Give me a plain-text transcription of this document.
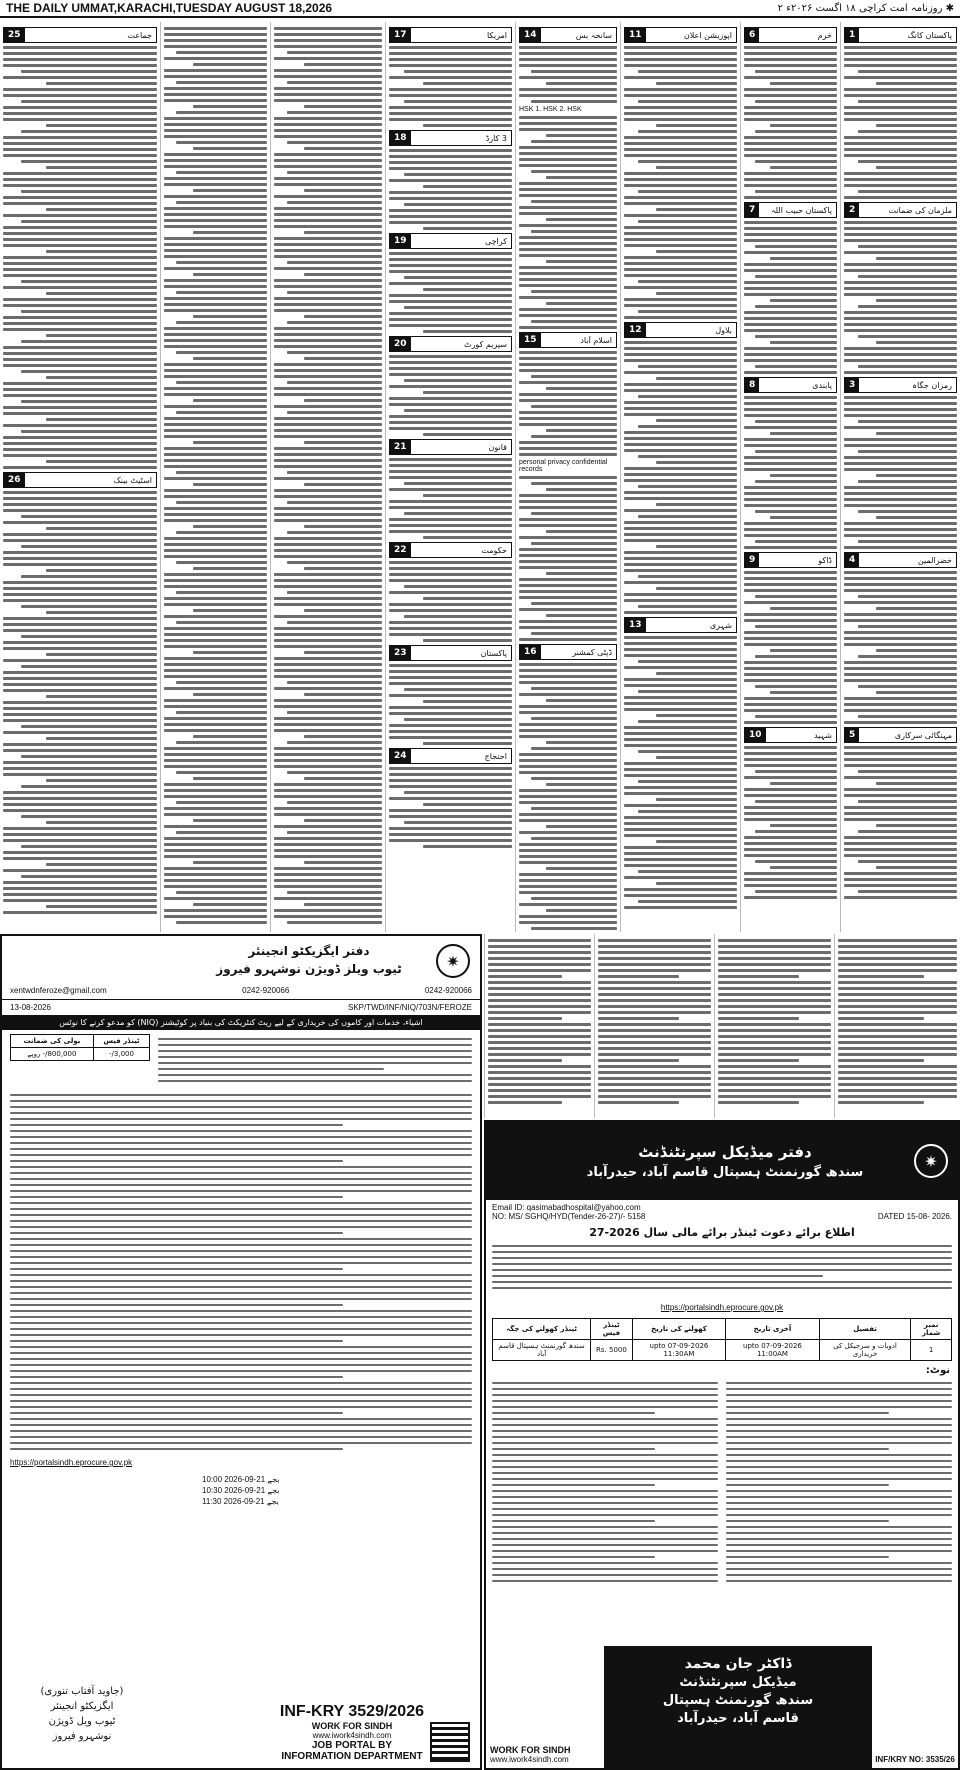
THE DAILY UMMAT,KARACHI,TUESDAY AUGUST 18,2026	✱ روزنامہ امت کراچی ۱۸ اگست ۲۰۲۶ء ۲
پاکستان کانگ
1
ملزمان کی ضمانت
2
رمزان جگاہ
3
خضرالمین
4
مہنگائی سرکاری
5
خرم
6
پاکستان حبیب اللہ
7
پابندی
8
ڈاکو
9
شہید
10
اپوزیشن اعلان
11
بلاول
12
شہری
13
سانحہ بس
14
HSK 1. HSK 2. HSK
اسلام آباد
15
personal privacy confidential records
ڈپٹی کمشنر
16
امریکا
17
3 کارڈ
18
کراچی
19
سپریم کورٹ
20
قانون
21
حکومت
22
پاکستان
23
احتجاج
24
جماعت
25
اسٹیٹ بینک
26
دفتر ایگزیکٹو انجینئر
ٹیوب ویلز ڈویژن نوشہرو فیروز	✷
xentwdnferoze@gmail.com	0242-920066	0242-920066
13-08-2026	SKP/TWD/INF/NIQ/703N/FEROZE
اشیاء، خدمات اور کاموں کی خریداری کے لیے ریٹ کنٹریکٹ کی بنیاد پر کوٹیشنز (NIQ) کو مدعو کرنے کا نوٹس
ٹینڈر فیس	بولی کی ضمانت
3,000/-	800,000/- روپے
https://portalsindh.eprocure.gov.pk
10:00 بجے 21-09-2026
10:30 بجے 21-09-2026
11:30 بجے 21-09-2026
(جاوید آفتاب تنوری)
ایگزیکٹو انجینئر
ٹیوب ویل ڈویژن
نوشہرو فیروز
INF-KRY 3529/2026
WORK FOR SINDH
www.iwork4sindh.com
JOB PORTAL BY
INFORMATION DEPARTMENT
دفتر میڈیکل سپرنٹنڈنٹ
سندھ گورنمنٹ ہسپتال قاسم آباد، حیدرآباد
✷
Email ID: qasimabadhospital@yahoo.com
NO: MS/ SGHQ/HYD(Tender-26-27)/- 5158	DATED 15-08- 2026.
اطلاع برائے دعوت ٹینڈر برائے مالی سال 2026-27
https://portalsindh.eprocure.gov.pk
نمبر شمار	تفصیل	آخری تاریخ	کھولنے کی تاریخ	ٹینڈر فیس	ٹینڈر کھولنے کی جگہ
1	ادویات و سرجیکل کی خریداری	07-09-2026 upto 11:00AM	07-09-2026 upto 11:30AM	Rs. 5000	سندھ گورنمنٹ ہسپتال قاسم آباد
نوٹ:
WORK FOR SINDH
www.iwork4sindh.com
ڈاکٹر جان محمد
میڈیکل سپرنٹنڈنٹ
سندھ گورنمنٹ ہسپتال
قاسم آباد، حیدرآباد
INF/KRY NO: 3535/26
